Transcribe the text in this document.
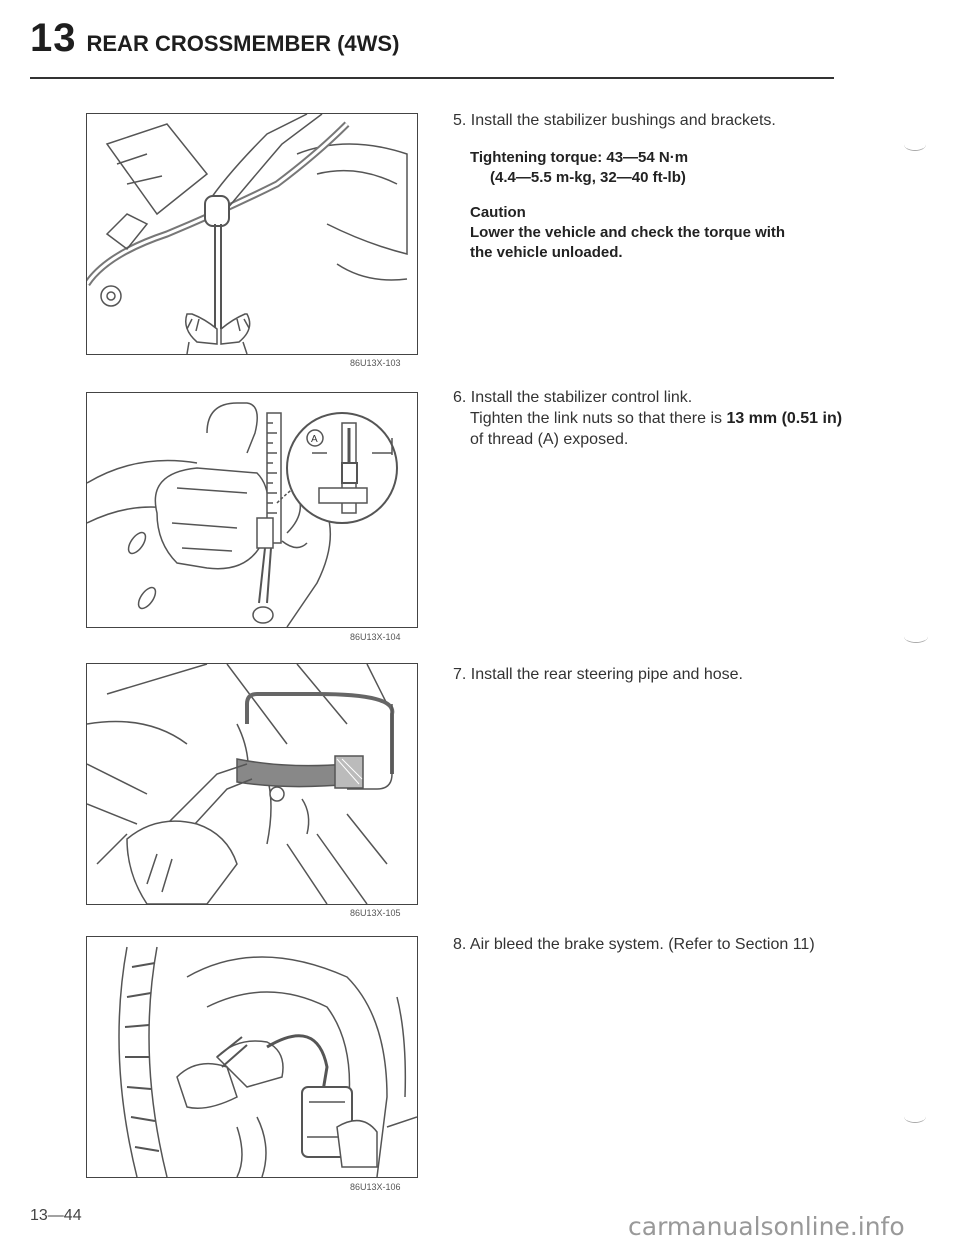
13 REAR CROSSMEMBER (4WS)
86U13X-103
A
86U13X-104
86U13X-105
86U13X-106
5. Install the stabilizer bushings and brackets.
Tightening torque: 43—54 N·m
(4.4—5.5 m-kg, 32—40 ft-lb)
Caution
Lower the vehicle and check the torque with
the vehicle unloaded.
6. Install the stabilizer control link.
Tighten the link nuts so that there is 13 mm (0.51 in) of thread (A) exposed.
7. Install the rear steering pipe and hose.
8. Air bleed the brake system. (Refer to Section 11)
13—44	carmanualsonline.info
